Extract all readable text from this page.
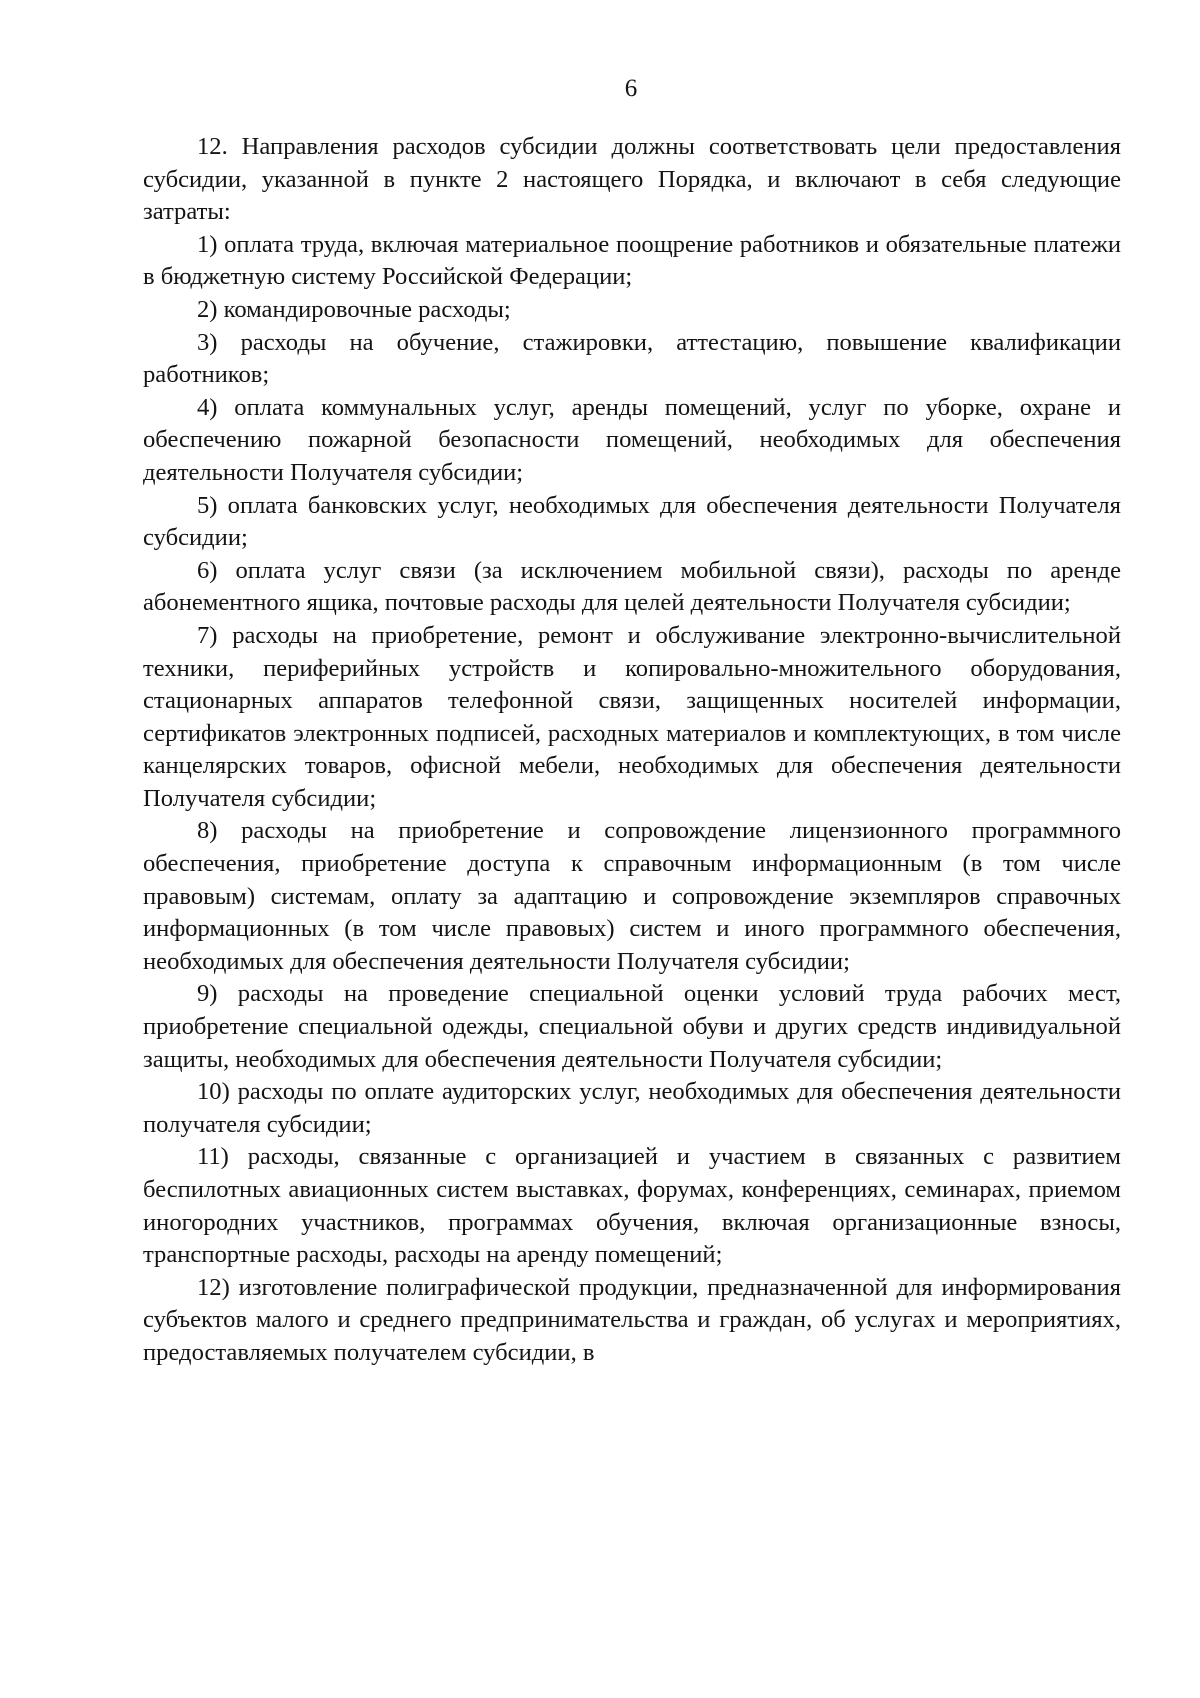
6

12. Направления расходов субсидии должны соответствовать цели предоставления субсидии, указанной в пункте 2 настоящего Порядка, и включают в себя следующие затраты:

1) оплата труда, включая материальное поощрение работников и обязательные платежи в бюджетную систему Российской Федерации;

2) командировочные расходы;

3) расходы на обучение, стажировки, аттестацию, повышение квалификации работников;

4) оплата коммунальных услуг, аренды помещений, услуг по уборке, охране и обеспечению пожарной безопасности помещений, необходимых для обеспечения деятельности Получателя субсидии;

5) оплата банковских услуг, необходимых для обеспечения деятельности Получателя субсидии;

6) оплата услуг связи (за исключением мобильной связи), расходы по аренде абонементного ящика, почтовые расходы для целей деятельности Получателя субсидии;

7) расходы на приобретение, ремонт и обслуживание электронно-вычислительной техники, периферийных устройств и копировально-множительного оборудования, стационарных аппаратов телефонной связи, защищенных носителей информации, сертификатов электронных подписей, расходных материалов и комплектующих, в том числе канцелярских товаров, офисной мебели, необходимых для обеспечения деятельности Получателя субсидии;

8) расходы на приобретение и сопровождение лицензионного программного обеспечения, приобретение доступа к справочным информационным (в том числе правовым) системам, оплату за адаптацию и сопровождение экземпляров справочных информационных (в том числе правовых) систем и иного программного обеспечения, необходимых для обеспечения деятельности Получателя субсидии;

9) расходы на проведение специальной оценки условий труда рабочих мест, приобретение специальной одежды, специальной обуви и других средств индивидуальной защиты, необходимых для обеспечения деятельности Получателя субсидии;

10) расходы по оплате аудиторских услуг, необходимых для обеспечения деятельности получателя субсидии;

11) расходы, связанные с организацией и участием в связанных с развитием беспилотных авиационных систем выставках, форумах, конференциях, семинарах, приемом иногородних участников, программах обучения, включая организационные взносы, транспортные расходы, расходы на аренду помещений;

12) изготовление полиграфической продукции, предназначенной для информирования субъектов малого и среднего предпринимательства и граждан, об услугах и мероприятиях, предоставляемых получателем субсидии, в
